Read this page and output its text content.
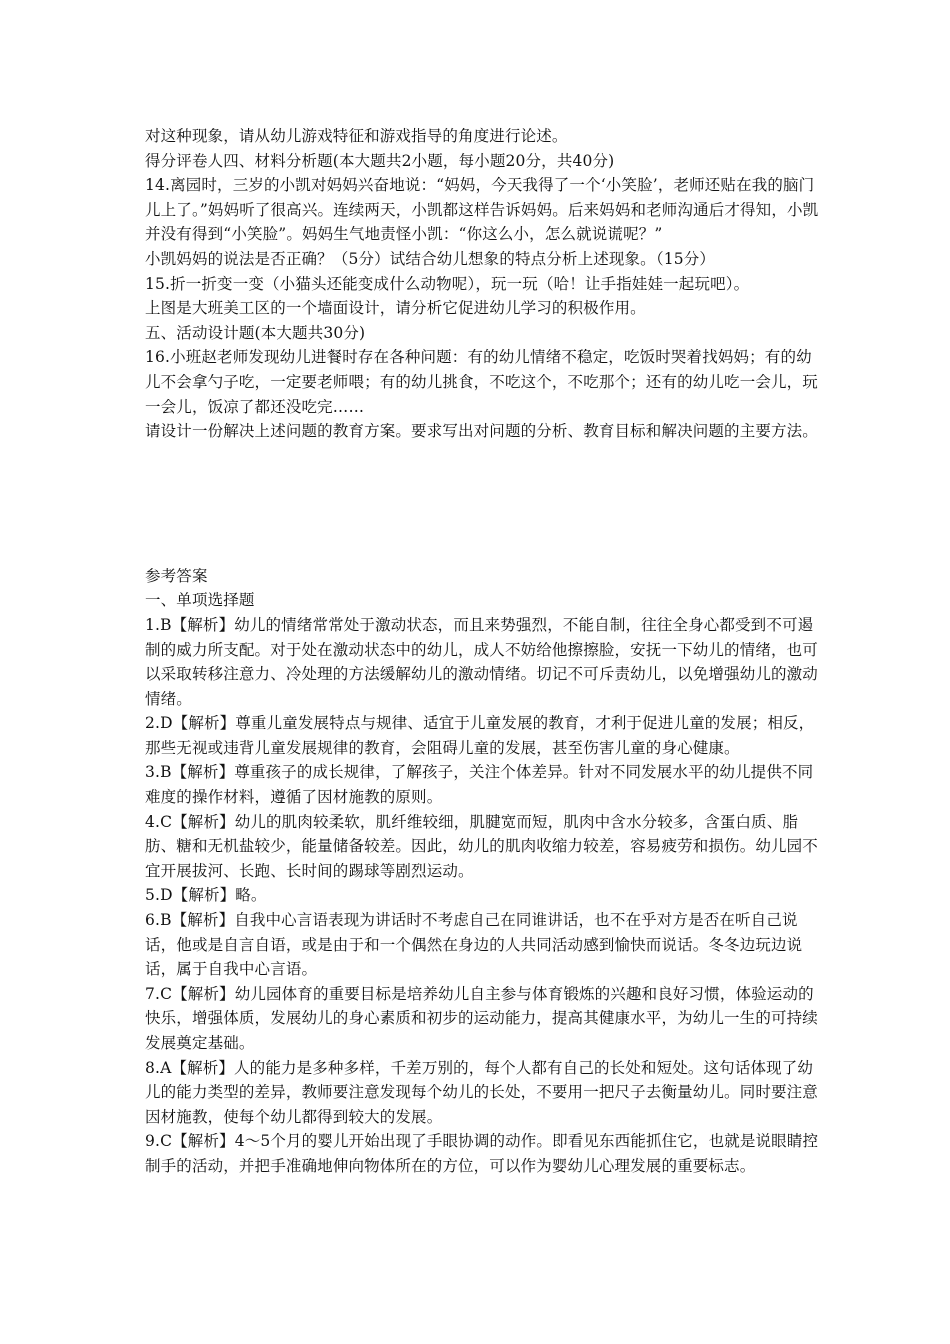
对这种现象，请从幼儿游戏特征和游戏指导的角度进行论述。

得分评卷人四、材料分析题(本大题共2小题，每小题20分，共40分)

14.离园时，三岁的小凯对妈妈兴奋地说：“妈妈，今天我得了一个‘小笑脸’，老师还贴在我的脑门儿上了。”妈妈听了很高兴。连续两天，小凯都这样告诉妈妈。后来妈妈和老师沟通后才得知，小凯并没有得到“小笑脸”。妈妈生气地责怪小凯：“你这么小，怎么就说谎呢？”

小凯妈妈的说法是否正确？（5分）试结合幼儿想象的特点分析上述现象。（15分）

15.折一折变一变（小猫头还能变成什么动物呢），玩一玩（哈！让手指娃娃一起玩吧）。

上图是大班美工区的一个墙面设计，请分析它促进幼儿学习的积极作用。

五、活动设计题(本大题共30分)

16.小班赵老师发现幼儿进餐时存在各种问题：有的幼儿情绪不稳定，吃饭时哭着找妈妈；有的幼儿不会拿勺子吃，一定要老师喂；有的幼儿挑食，不吃这个，不吃那个；还有的幼儿吃一会儿，玩一会儿，饭凉了都还没吃完……

请设计一份解决上述问题的教育方案。要求写出对问题的分析、教育目标和解决问题的主要方法。

参考答案

一、单项选择题

1.B【解析】幼儿的情绪常常处于激动状态，而且来势强烈，不能自制，往往全身心都受到不可遏制的威力所支配。对于处在激动状态中的幼儿，成人不妨给他擦擦脸，安抚一下幼儿的情绪，也可以采取转移注意力、冷处理的方法缓解幼儿的激动情绪。切记不可斥责幼儿，以免增强幼儿的激动情绪。

2.D【解析】尊重儿童发展特点与规律、适宜于儿童发展的教育，才利于促进儿童的发展；相反，那些无视或违背儿童发展规律的教育，会阻碍儿童的发展，甚至伤害儿童的身心健康。

3.B【解析】尊重孩子的成长规律，了解孩子，关注个体差异。针对不同发展水平的幼儿提供不同难度的操作材料，遵循了因材施教的原则。

4.C【解析】幼儿的肌肉较柔软，肌纤维较细，肌腱宽而短，肌肉中含水分较多，含蛋白质、脂肪、糖和无机盐较少，能量储备较差。因此，幼儿的肌肉收缩力较差，容易疲劳和损伤。幼儿园不宜开展拔河、长跑、长时间的踢球等剧烈运动。

5.D【解析】略。

6.B【解析】自我中心言语表现为讲话时不考虑自己在同谁讲话，也不在乎对方是否在听自己说话，他或是自言自语，或是由于和一个偶然在身边的人共同活动感到愉快而说话。冬冬边玩边说话，属于自我中心言语。

7.C【解析】幼儿园体育的重要目标是培养幼儿自主参与体育锻炼的兴趣和良好习惯，体验运动的快乐，增强体质，发展幼儿的身心素质和初步的运动能力，提高其健康水平，为幼儿一生的可持续发展奠定基础。

8.A【解析】人的能力是多种多样，千差万别的，每个人都有自己的长处和短处。这句话体现了幼儿的能力类型的差异，教师要注意发现每个幼儿的长处，不要用一把尺子去衡量幼儿。同时要注意因材施教，使每个幼儿都得到较大的发展。

9.C【解析】4～5个月的婴儿开始出现了手眼协调的动作。即看见东西能抓住它，也就是说眼睛控制手的活动，并把手准确地伸向物体所在的方位，可以作为婴幼儿心理发展的重要标志。
